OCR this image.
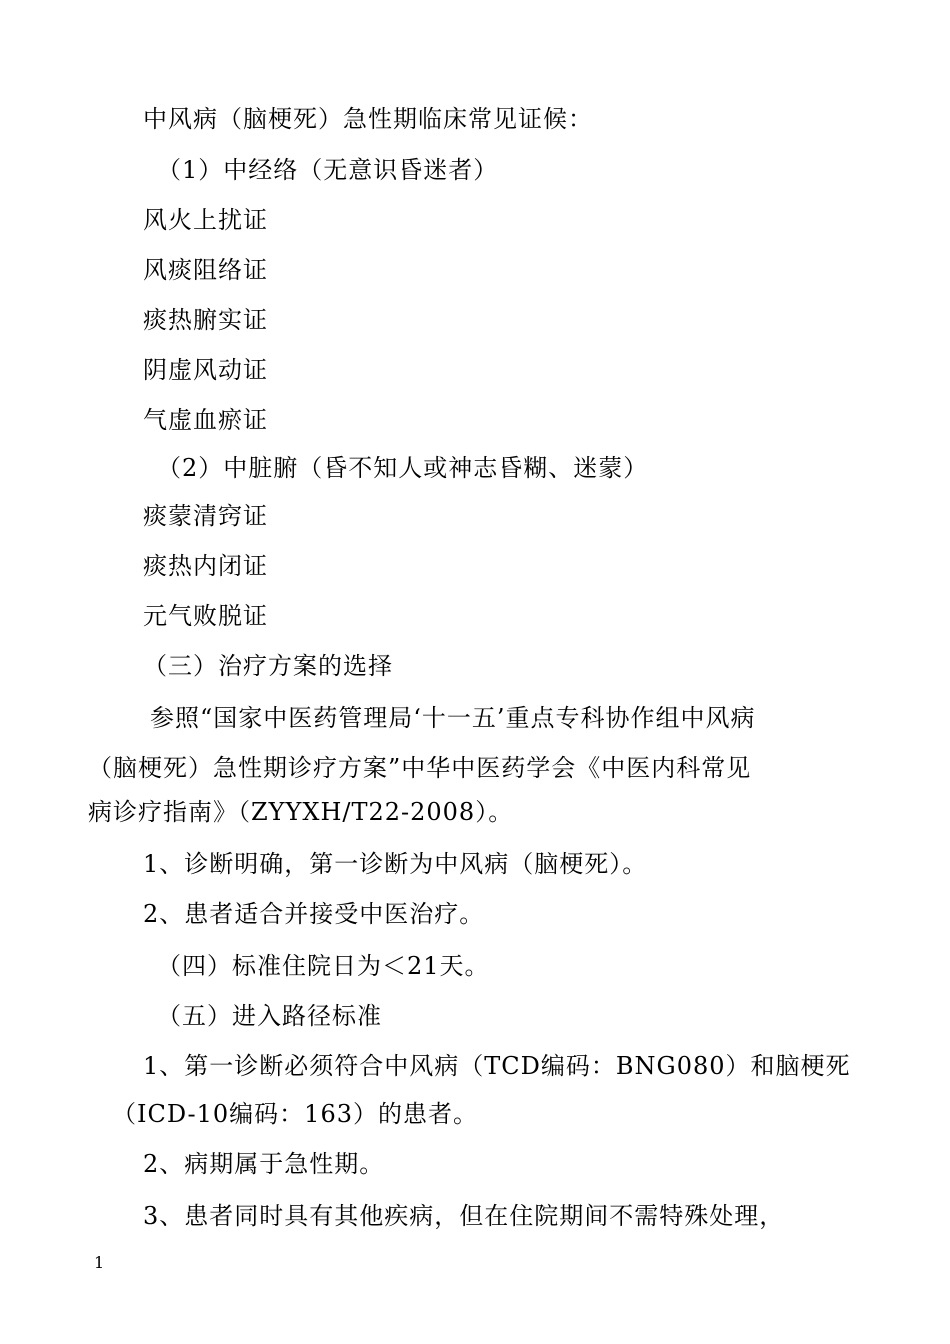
中风病（脑梗死）急性期临床常见证候：
（1）中经络（无意识昏迷者）
风火上扰证
风痰阻络证
痰热腑实证
阴虚风动证
气虚血瘀证
（2）中脏腑（昏不知人或神志昏糊、迷蒙）
痰蒙清窍证
痰热内闭证
元气败脱证
（三）治疗方案的选择
参照“国家中医药管理局‘十一五’重点专科协作组中风病
（脑梗死）急性期诊疗方案”中华中医药学会《中医内科常见
病诊疗指南》（ZYYXH/T22-2008）。
1、诊断明确，第一诊断为中风病（脑梗死）。
2、患者适合并接受中医治疗。
（四）标准住院日为＜21天。
（五）进入路径标准
1、第一诊断必须符合中风病（TCD编码：BNG080）和脑梗死
（ICD-10编码：163）的患者。
2、病期属于急性期。
3、患者同时具有其他疾病，但在住院期间不需特殊处理，
1
